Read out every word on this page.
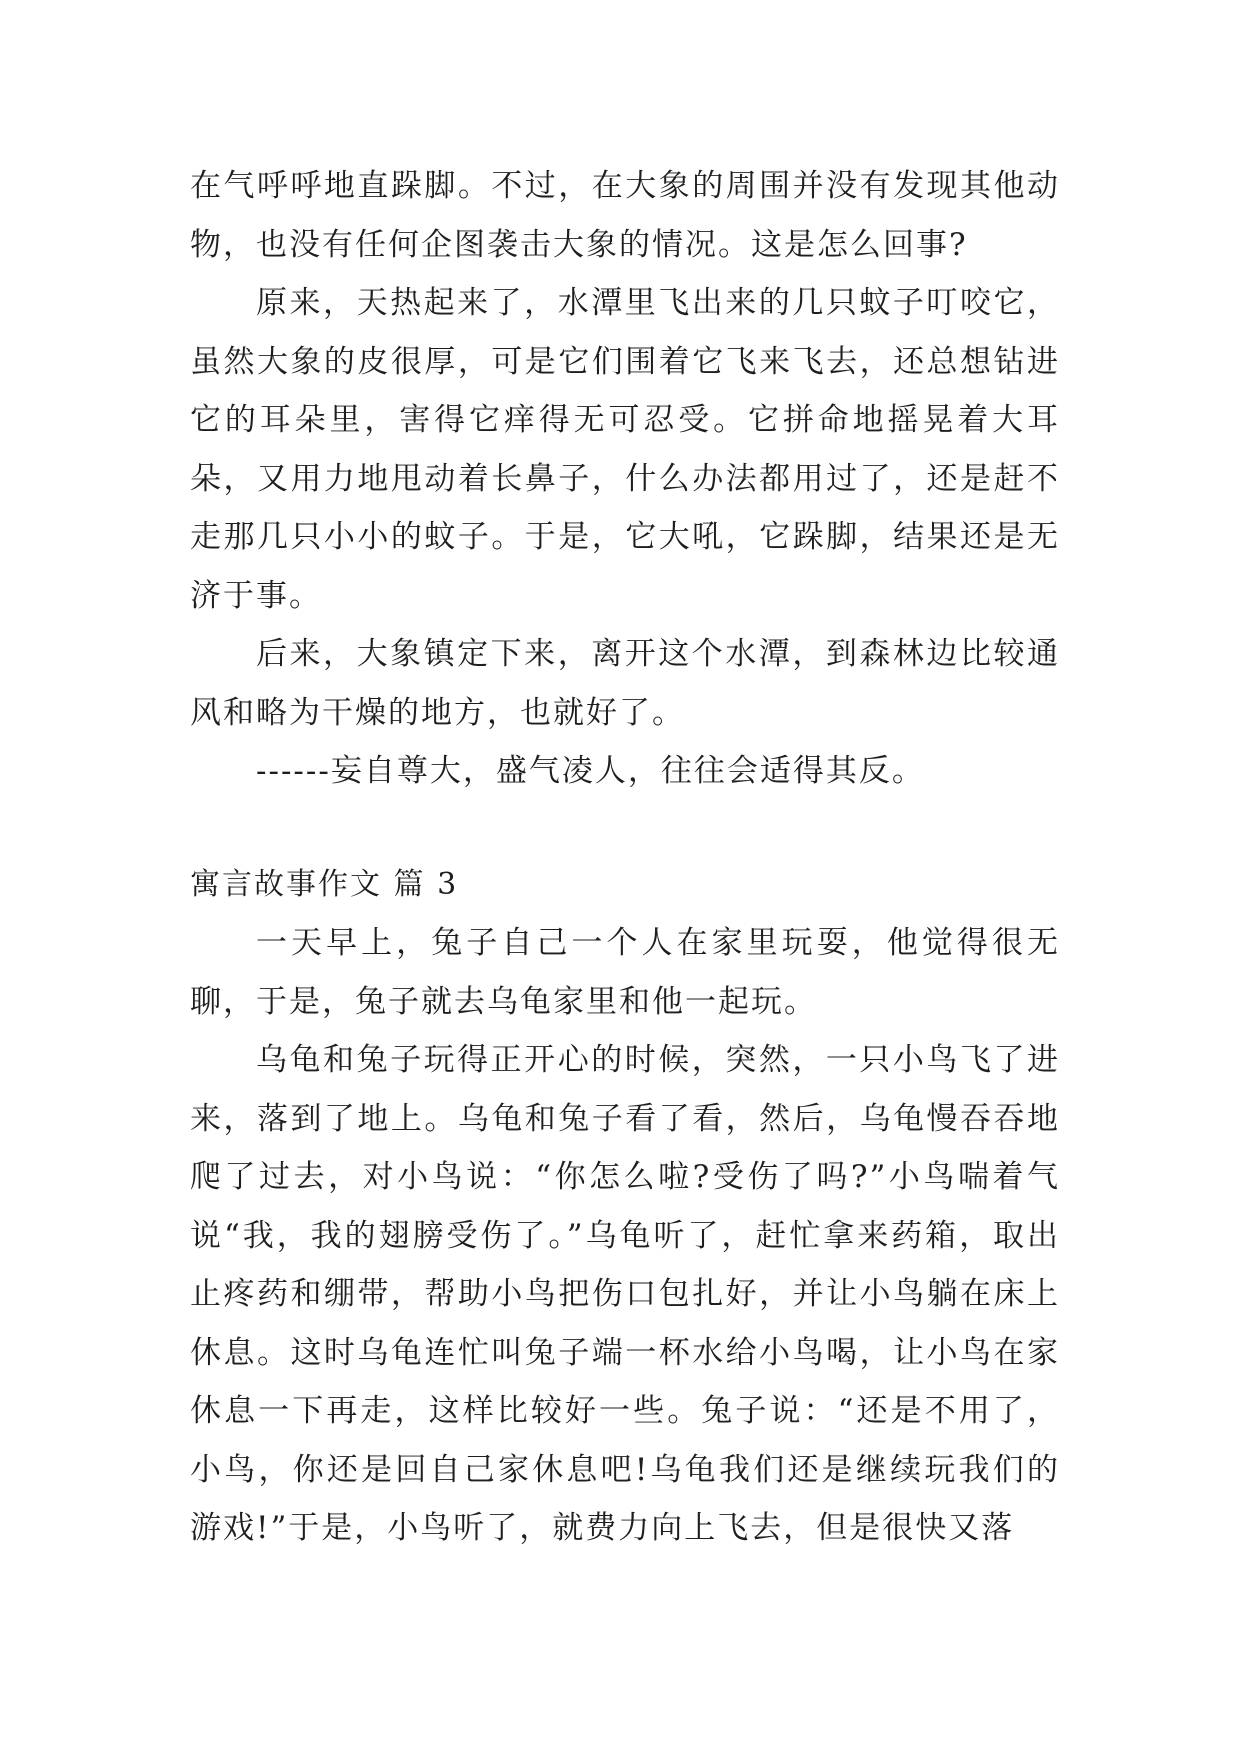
在气呼呼地直跺脚。不过，在大象的周围并没有发现其他动物，也没有任何企图袭击大象的情况。这是怎么回事?

原来，天热起来了，水潭里飞出来的几只蚊子叮咬它，虽然大象的皮很厚，可是它们围着它飞来飞去，还总想钻进它的耳朵里，害得它痒得无可忍受。它拼命地摇晃着大耳朵，又用力地甩动着长鼻子，什么办法都用过了，还是赶不走那几只小小的蚊子。于是，它大吼，它跺脚，结果还是无济于事。

后来，大象镇定下来，离开这个水潭，到森林边比较通风和略为干燥的地方，也就好了。

------妄自尊大，盛气凌人，往往会适得其反。

寓言故事作文 篇 3

一天早上，兔子自己一个人在家里玩耍，他觉得很无聊，于是，兔子就去乌龟家里和他一起玩。

乌龟和兔子玩得正开心的时候，突然，一只小鸟飞了进来，落到了地上。乌龟和兔子看了看，然后，乌龟慢吞吞地爬了过去，对小鸟说：“你怎么啦?受伤了吗?”小鸟喘着气说“我，我的翅膀受伤了。”乌龟听了，赶忙拿来药箱，取出止疼药和绷带，帮助小鸟把伤口包扎好，并让小鸟躺在床上休息。这时乌龟连忙叫兔子端一杯水给小鸟喝，让小鸟在家休息一下再走，这样比较好一些。兔子说：“还是不用了，小鸟，你还是回自己家休息吧!乌龟我们还是继续玩我们的游戏!”于是，小鸟听了，就费力向上飞去，但是很快又落
